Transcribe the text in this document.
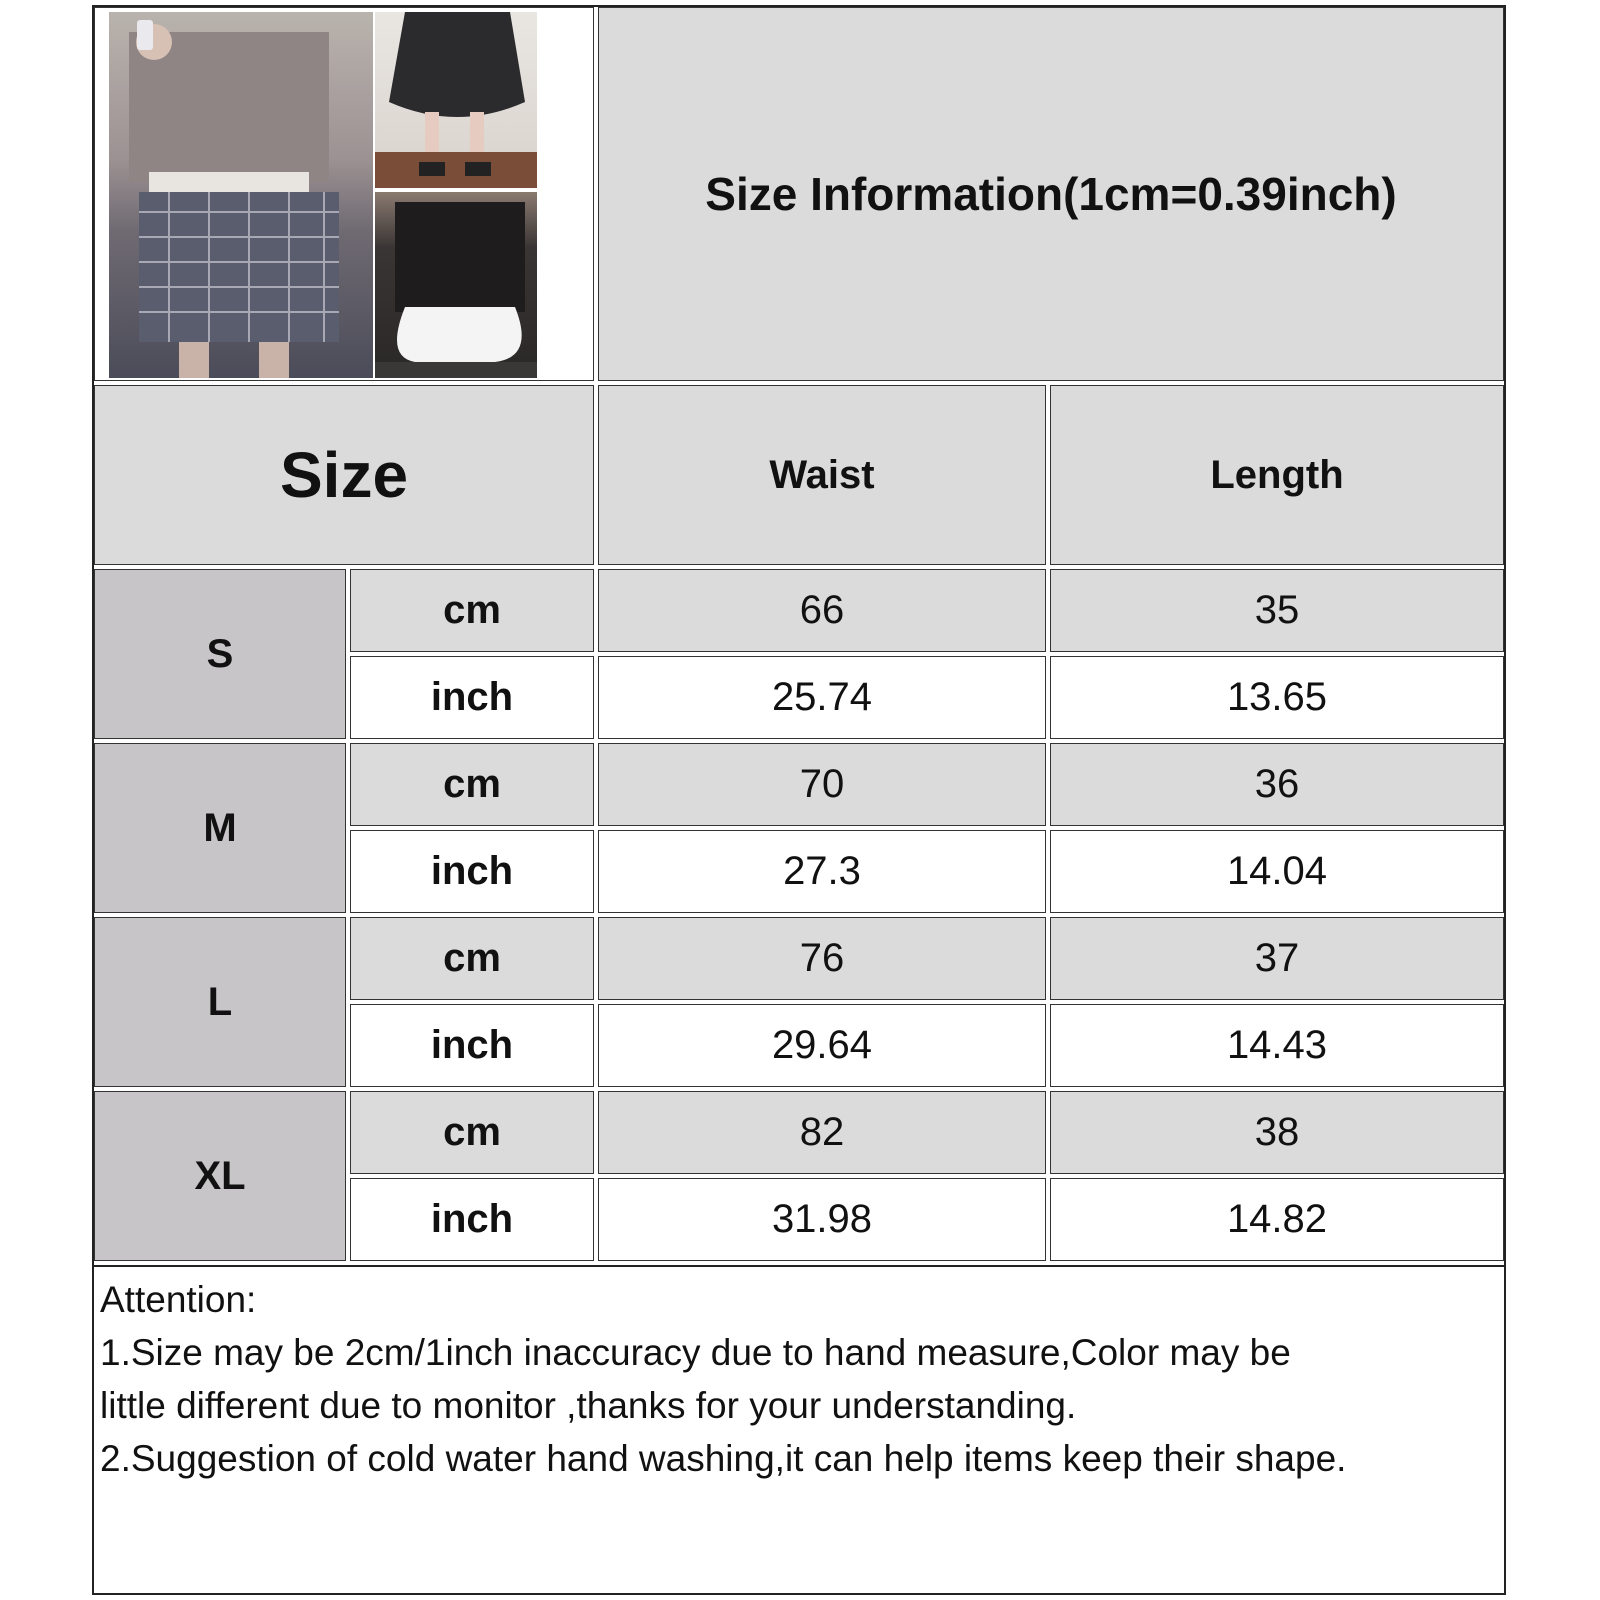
Size Information(1cm=0.39inch)
Size	Waist	Length
S
cm	66	35
inch	25.74	13.65
M
cm	70	36
inch	27.3	14.04
L
cm	76	37
inch	29.64	14.43
XL
cm	82	38
inch	31.98	14.82
Attention:
1.Size may be 2cm/1inch inaccuracy due to hand measure,Color may be
little different due to monitor ,thanks for your understanding.
2.Suggestion of cold water hand washing,it can help items keep their shape.
